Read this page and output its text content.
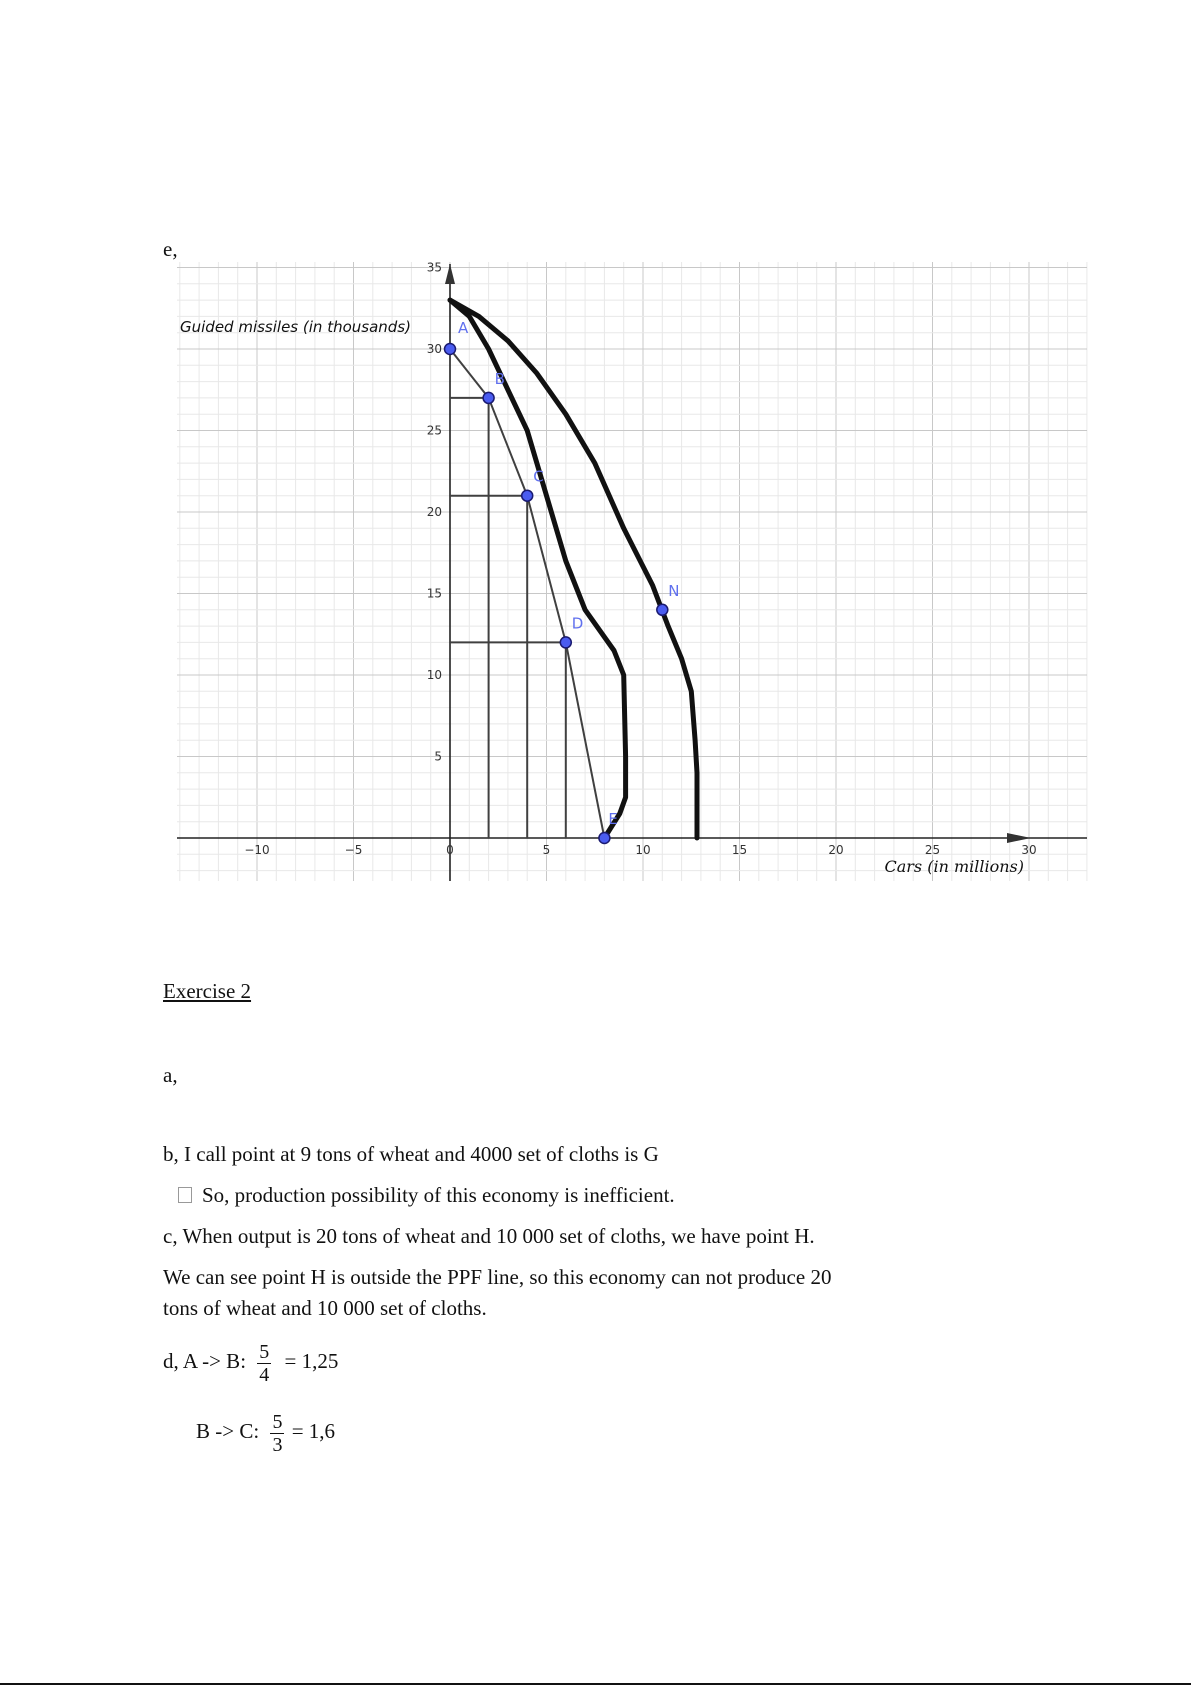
e,
−10	−5	0	5	10	15	20	25	30
5
10
15
20
25
30
35
Guided missiles (in thousands)
Cars (in millions)
A
B
C
D
E
N
Exercise 2
a,
b, I call point at 9 tons of wheat and 4000 set of cloths is G
So, production possibility of this economy is inefficient.
c, When output is 20 tons of wheat and 10 000 set of cloths, we have point H.
We can see point H is outside the PPF line, so this economy can not produce 20
tons of wheat and 10 000 set of cloths.
d, A -> B: $\frac{5}{4} = 1,25$
B -> C: $\frac{5}{3} = 1,6$
